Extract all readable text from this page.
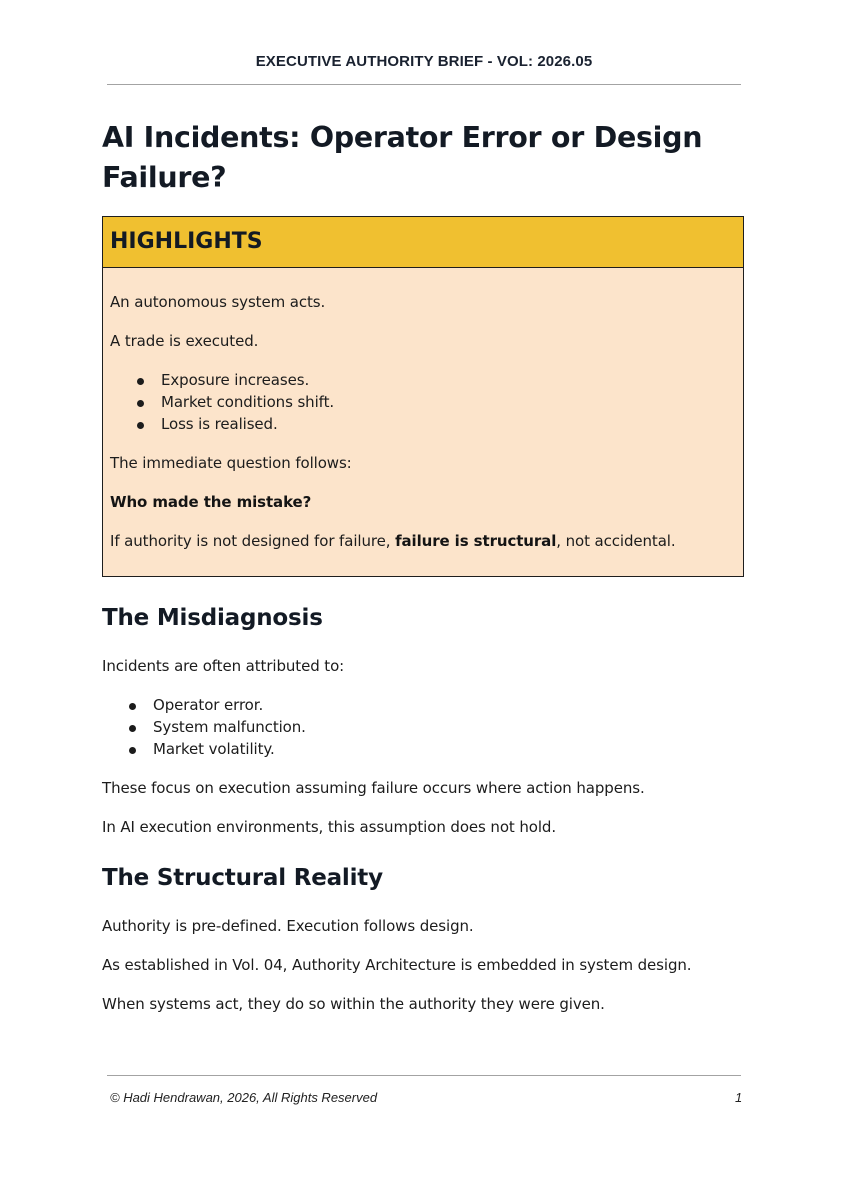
EXECUTIVE AUTHORITY BRIEF - VOL: 2026.05
AI Incidents: Operator Error or Design Failure?
HIGHLIGHTS
An autonomous system acts.
A trade is executed.
Exposure increases.
Market conditions shift.
Loss is realised.
The immediate question follows:
Who made the mistake?
If authority is not designed for failure, failure is structural, not accidental.
The Misdiagnosis
Incidents are often attributed to:
Operator error.
System malfunction.
Market volatility.
These focus on execution assuming failure occurs where action happens.
In AI execution environments, this assumption does not hold.
The Structural Reality
Authority is pre-defined. Execution follows design.
As established in Vol. 04, Authority Architecture is embedded in system design.
When systems act, they do so within the authority they were given.
© Hadi Hendrawan, 2026, All Rights Reserved	1
